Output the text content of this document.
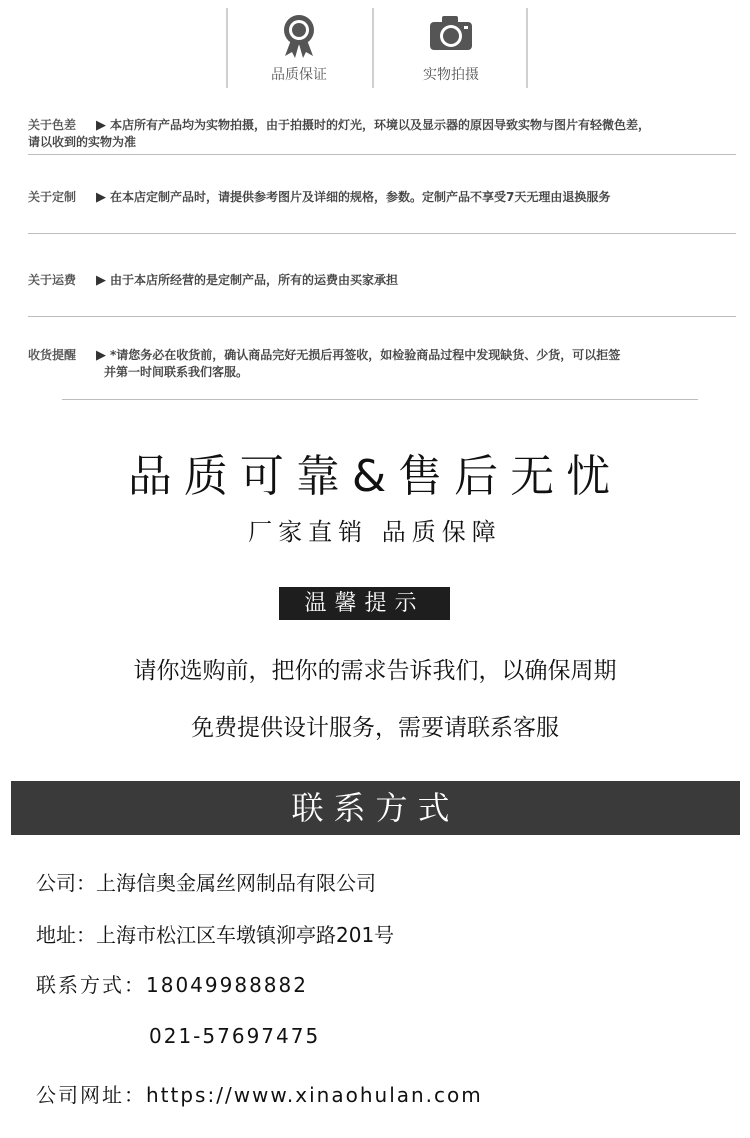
品质保证	实物拍摄
关于色差	▶ 本店所有产品均为实物拍摄，由于拍摄时的灯光，环境以及显示器的原因导致实物与图片有轻微色差，
请以收到的实物为准
关于定制	▶ 在本店定制产品时，请提供参考图片及详细的规格，参数。定制产品不享受7天无理由退换服务
关于运费	▶ 由于本店所经营的是定制产品，所有的运费由买家承担
收货提醒	▶ *请您务必在收货前，确认商品完好无损后再签收，如检验商品过程中发现缺货、少货，可以拒签
并第一时间联系我们客服。
品质可靠&售后无忧
厂家直销 品质保障
温馨提示
请你选购前，把你的需求告诉我们，以确保周期
免费提供设计服务，需要请联系客服
联系方式
公司：上海信奥金属丝网制品有限公司
地址：上海市松江区车墩镇泖亭路201号
联系方式：18049988882
021-57697475
公司网址：https://www.xinaohulan.com
